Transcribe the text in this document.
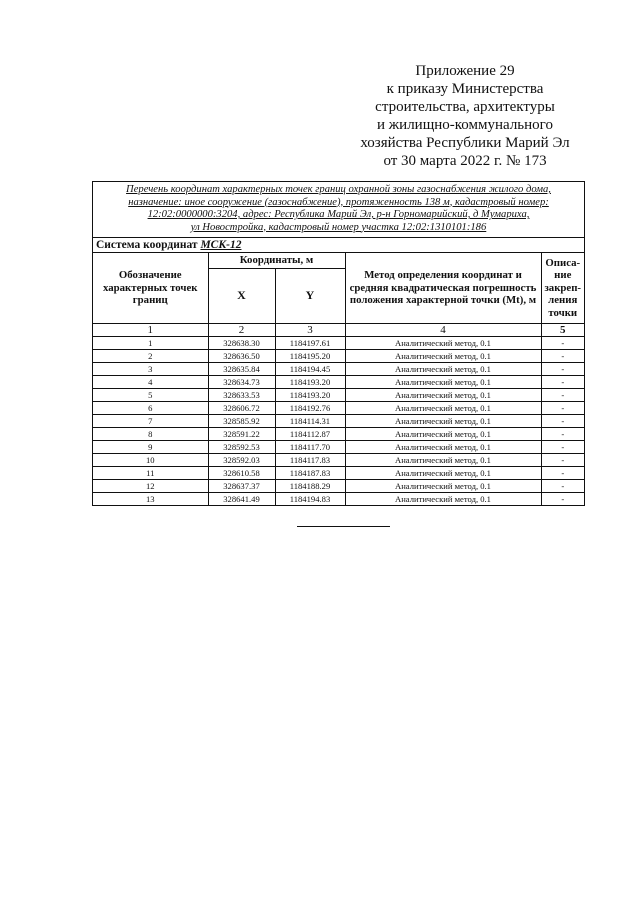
Приложение 29
к приказу Министерства
строительства, архитектуры
и жилищно-коммунального
хозяйства Республики Марий Эл
от 30 марта 2022 г. № 173
Перечень координат характерных точек границ охранной зоны газоснабжения жилого дома,
назначение: иное сооружение (газоснабжение), протяженность 138 м, кадастровый номер:
12:02:0000000:3204, адрес: Республика Марий Эл, р-н Горномарийский, д Мумариха,
ул Новостройка, кадастровый номер участка 12:02:1310101:186
Система координат МСК-12
Обозначение характерных точек границ	Координаты, м		Метод определения координат и средняя квадратическая погрешность положения характерной точки (Mt), м	Описа-
ние
закреп-
ления
точки

	X	Y		
1	2	3	4	5
1	328638.30	1184197.61	Аналитический метод, 0.1	-
2	328636.50	1184195.20	Аналитический метод, 0.1	-
3	328635.84	1184194.45	Аналитический метод, 0.1	-
4	328634.73	1184193.20	Аналитический метод, 0.1	-
5	328633.53	1184193.20	Аналитический метод, 0.1	-
6	328606.72	1184192.76	Аналитический метод, 0.1	-
7	328585.92	1184114.31	Аналитический метод, 0.1	-
8	328591.22	1184112.87	Аналитический метод, 0.1	-
9	328592.53	1184117.70	Аналитический метод, 0.1	-
10	328592.03	1184117.83	Аналитический метод, 0.1	-
11	328610.58	1184187.83	Аналитический метод, 0.1	-
12	328637.37	1184188.29	Аналитический метод, 0.1	-
13	328641.49	1184194.83	Аналитический метод, 0.1	-
